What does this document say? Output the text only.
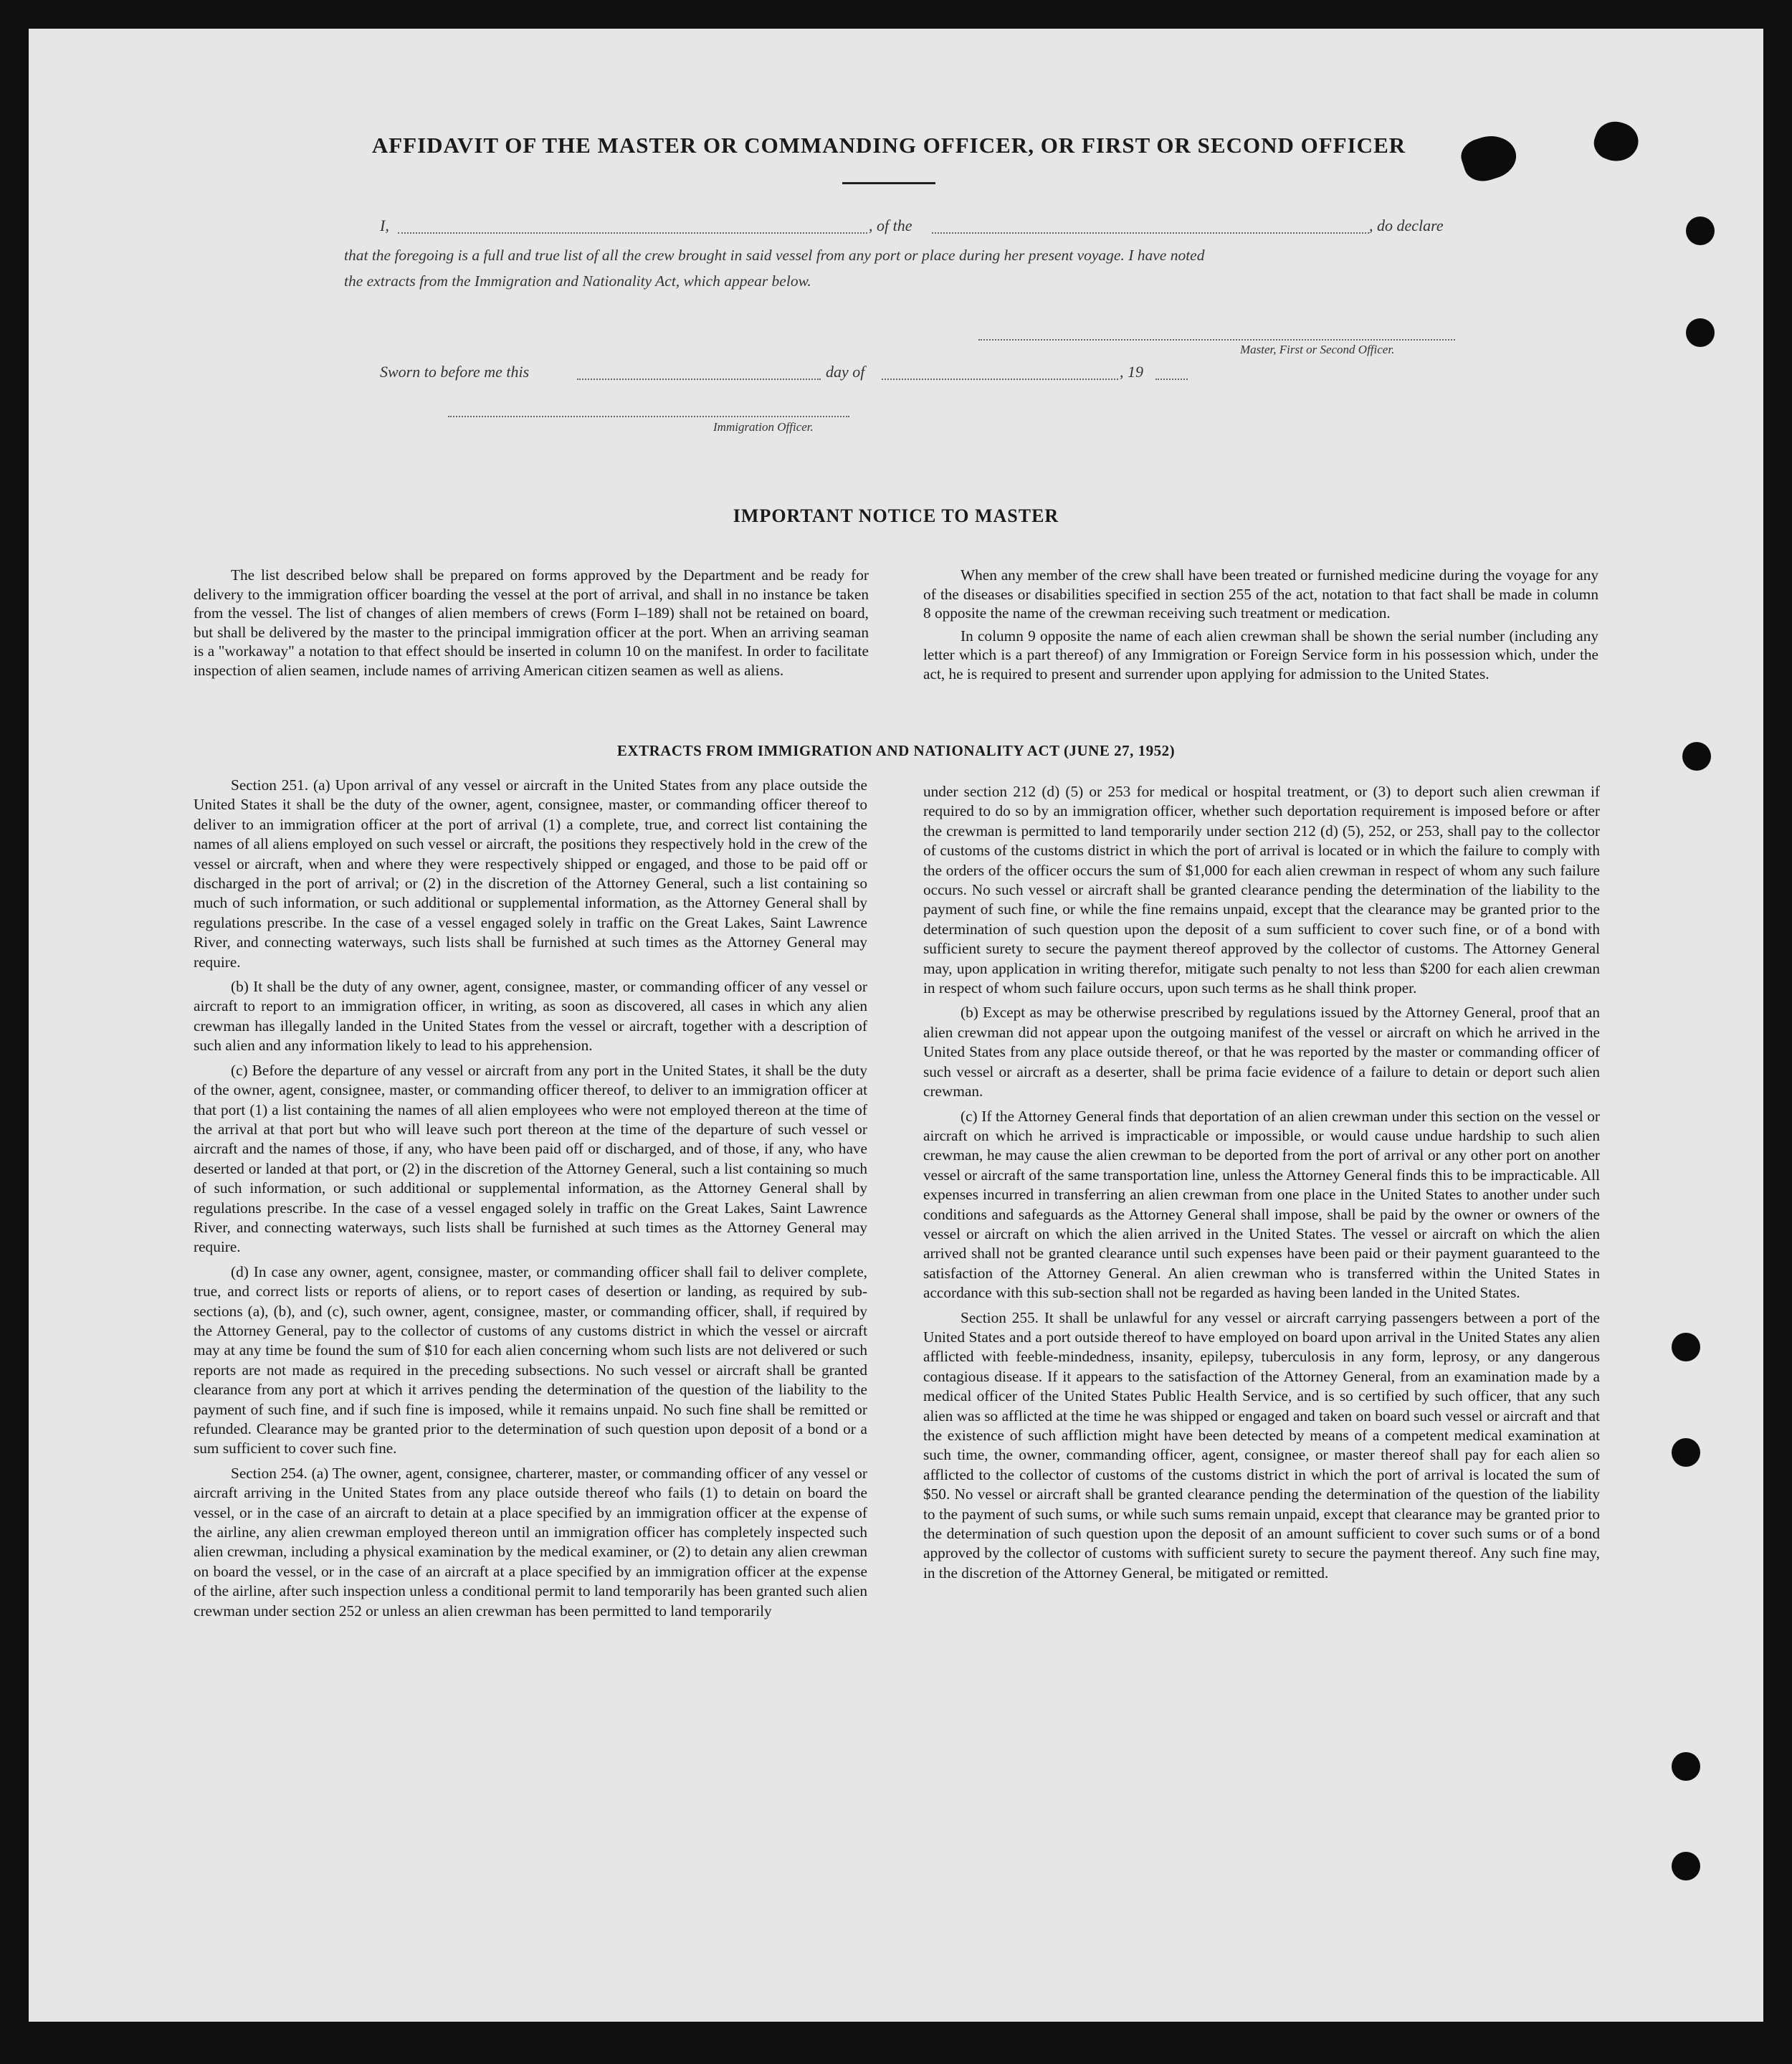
AFFIDAVIT OF THE MASTER OR COMMANDING OFFICER, OR FIRST OR SECOND OFFICER
I,	, of the	, do declare
that the foregoing is a full and true list of all the crew brought in said vessel from any port or place during her present voyage. I have noted
the extracts from the Immigration and Nationality Act, which appear below.
Master, First or Second Officer.
Sworn to before me this	day of	, 19
Immigration Officer.
IMPORTANT NOTICE TO MASTER

The list described below shall be prepared on forms approved by the Department and be ready for delivery to the immigration officer boarding the vessel at the port of arrival, and shall in no instance be taken from the vessel. The list of changes of alien members of crews (Form I–189) shall not be retained on board, but shall be delivered by the master to the principal immigration officer at the port. When an arriving seaman is a "workaway" a notation to that effect should be inserted in column 10 on the manifest. In order to facilitate inspection of alien seamen, include names of arriving American citizen seamen as well as aliens.

When any member of the crew shall have been treated or furnished medicine during the voyage for any of the diseases or disabilities specified in section 255 of the act, notation to that fact shall be made in column 8 opposite the name of the crewman receiving such treatment or medication.

In column 9 opposite the name of each alien crewman shall be shown the serial number (including any letter which is a part thereof) of any Immigration or Foreign Service form in his possession which, under the act, he is required to present and surrender upon applying for admission to the United States.

EXTRACTS FROM IMMIGRATION AND NATIONALITY ACT (JUNE 27, 1952)

Section 251. (a) Upon arrival of any vessel or aircraft in the United States from any place outside the United States it shall be the duty of the owner, agent, consignee, master, or commanding officer thereof to deliver to an immigration officer at the port of arrival (1) a complete, true, and correct list containing the names of all aliens employed on such vessel or aircraft, the positions they respectively hold in the crew of the vessel or aircraft, when and where they were respectively shipped or engaged, and those to be paid off or discharged in the port of arrival; or (2) in the discretion of the Attorney General, such a list containing so much of such information, or such additional or supplemental information, as the Attorney General shall by regulations prescribe. In the case of a vessel engaged solely in traffic on the Great Lakes, Saint Lawrence River, and connecting waterways, such lists shall be furnished at such times as the Attorney General may require.

(b) It shall be the duty of any owner, agent, consignee, master, or commanding officer of any vessel or aircraft to report to an immigration officer, in writing, as soon as discovered, all cases in which any alien crewman has illegally landed in the United States from the vessel or aircraft, together with a description of such alien and any information likely to lead to his apprehension.

(c) Before the departure of any vessel or aircraft from any port in the United States, it shall be the duty of the owner, agent, consignee, master, or commanding officer thereof, to deliver to an immigration officer at that port (1) a list containing the names of all alien employees who were not employed thereon at the time of the arrival at that port but who will leave such port thereon at the time of the departure of such vessel or aircraft and the names of those, if any, who have been paid off or discharged, and of those, if any, who have deserted or landed at that port, or (2) in the discretion of the Attorney General, such a list containing so much of such information, or such additional or supplemental information, as the Attorney General shall by regulations prescribe. In the case of a vessel engaged solely in traffic on the Great Lakes, Saint Lawrence River, and connecting waterways, such lists shall be furnished at such times as the Attorney General may require.

(d) In case any owner, agent, consignee, master, or commanding officer shall fail to deliver complete, true, and correct lists or reports of aliens, or to report cases of desertion or landing, as required by sub-sections (a), (b), and (c), such owner, agent, consignee, master, or commanding officer, shall, if required by the Attorney General, pay to the collector of customs of any customs district in which the vessel or aircraft may at any time be found the sum of $10 for each alien concerning whom such lists are not delivered or such reports are not made as required in the preceding subsections. No such vessel or aircraft shall be granted clearance from any port at which it arrives pending the determination of the question of the liability to the payment of such fine, and if such fine is imposed, while it remains unpaid. No such fine shall be remitted or refunded. Clearance may be granted prior to the determination of such question upon deposit of a bond or a sum sufficient to cover such fine.

Section 254. (a) The owner, agent, consignee, charterer, master, or commanding officer of any vessel or aircraft arriving in the United States from any place outside thereof who fails (1) to detain on board the vessel, or in the case of an aircraft to detain at a place specified by an immigration officer at the expense of the airline, any alien crewman employed thereon until an immigration officer has completely inspected such alien crewman, including a physical examination by the medical examiner, or (2) to detain any alien crewman on board the vessel, or in the case of an aircraft at a place specified by an immigration officer at the expense of the airline, after such inspection unless a conditional permit to land temporarily has been granted such alien crewman under section 252 or unless an alien crewman has been permitted to land temporarily

under section 212 (d) (5) or 253 for medical or hospital treatment, or (3) to deport such alien crewman if required to do so by an immigration officer, whether such deportation requirement is imposed before or after the crewman is permitted to land temporarily under section 212 (d) (5), 252, or 253, shall pay to the collector of customs of the customs district in which the port of arrival is located or in which the failure to comply with the orders of the officer occurs the sum of $1,000 for each alien crewman in respect of whom any such failure occurs. No such vessel or aircraft shall be granted clearance pending the determination of the liability to the payment of such fine, or while the fine remains unpaid, except that the clearance may be granted prior to the determination of such question upon the deposit of a sum sufficient to cover such fine, or of a bond with sufficient surety to secure the payment thereof approved by the collector of customs. The Attorney General may, upon application in writing therefor, mitigate such penalty to not less than $200 for each alien crewman in respect of whom such failure occurs, upon such terms as he shall think proper.

(b) Except as may be otherwise prescribed by regulations issued by the Attorney General, proof that an alien crewman did not appear upon the outgoing manifest of the vessel or aircraft on which he arrived in the United States from any place outside thereof, or that he was reported by the master or commanding officer of such vessel or aircraft as a deserter, shall be prima facie evidence of a failure to detain or deport such alien crewman.

(c) If the Attorney General finds that deportation of an alien crewman under this section on the vessel or aircraft on which he arrived is impracticable or impossible, or would cause undue hardship to such alien crewman, he may cause the alien crewman to be deported from the port of arrival or any other port on another vessel or aircraft of the same transportation line, unless the Attorney General finds this to be impracticable. All expenses incurred in transferring an alien crewman from one place in the United States to another under such conditions and safeguards as the Attorney General shall impose, shall be paid by the owner or owners of the vessel or aircraft on which the alien arrived in the United States. The vessel or aircraft on which the alien arrived shall not be granted clearance until such expenses have been paid or their payment guaranteed to the satisfaction of the Attorney General. An alien crewman who is transferred within the United States in accordance with this sub-section shall not be regarded as having been landed in the United States.

Section 255. It shall be unlawful for any vessel or aircraft carrying passengers between a port of the United States and a port outside thereof to have employed on board upon arrival in the United States any alien afflicted with feeble-mindedness, insanity, epilepsy, tuberculosis in any form, leprosy, or any dangerous contagious disease. If it appears to the satisfaction of the Attorney General, from an examination made by a medical officer of the United States Public Health Service, and is so certified by such officer, that any such alien was so afflicted at the time he was shipped or engaged and taken on board such vessel or aircraft and that the existence of such affliction might have been detected by means of a competent medical examination at such time, the owner, commanding officer, agent, consignee, or master thereof shall pay for each alien so afflicted to the collector of customs of the customs district in which the port of arrival is located the sum of $50. No vessel or aircraft shall be granted clearance pending the determination of the question of the liability to the payment of such sums, or while such sums remain unpaid, except that clearance may be granted prior to the determination of such question upon the deposit of an amount sufficient to cover such sums or of a bond approved by the collector of customs with sufficient surety to secure the payment thereof. Any such fine may, in the discretion of the Attorney General, be mitigated or remitted.
